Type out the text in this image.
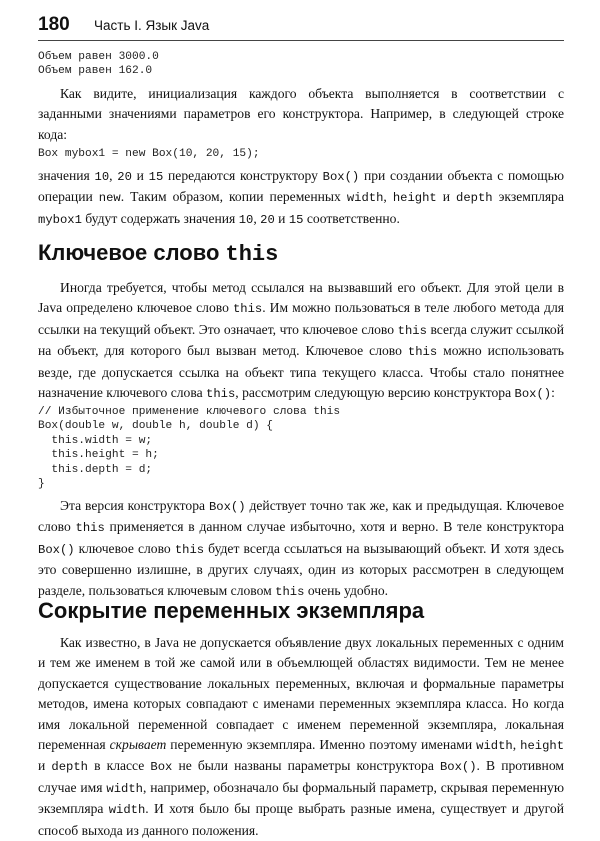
180 Часть I. Язык Java
Объем равен 3000.0
Объем равен 162.0

Как видите, инициализация каждого объекта выполняется в соответствии с заданными значениями параметров его конструктора. Например, в следующей строке кода:

Box mybox1 = new Box(10, 20, 15);

значения 10, 20 и 15 передаются конструктору Box() при создании объекта с помощью операции new. Таким образом, копии переменных width, height и depth экземпляра mybox1 будут содержать значения 10, 20 и 15 соответственно.

Ключевое слово this

Иногда требуется, чтобы метод ссылался на вызвавший его объект. Для этой цели в Java определено ключевое слово this. Им можно пользоваться в теле любого метода для ссылки на текущий объект. Это означает, что ключевое слово this всегда служит ссылкой на объект, для которого был вызван метод. Ключевое слово this можно использовать везде, где допускается ссылка на объект типа текущего класса. Чтобы стало понятнее назначение ключевого слова this, рассмотрим следующую версию конструктора Box():

// Избыточное применение ключевого слова this
Box(double w, double h, double d) {
this.width = w;
this.height = h;
this.depth = d;
}

Эта версия конструктора Box() действует точно так же, как и предыдущая. Ключевое слово this применяется в данном случае избыточно, хотя и верно. В теле конструктора Box() ключевое слово this будет всегда ссылаться на вызывающий объект. И хотя здесь это совершенно излишне, в других случаях, один из которых рассмотрен в следующем разделе, пользоваться ключевым словом this очень удобно.

Сокрытие переменных экземпляра

Как известно, в Java не допускается объявление двух локальных переменных с одним и тем же именем в той же самой или в объемлющей областях видимости. Тем не менее допускается существование локальных переменных, включая и формальные параметры методов, имена которых совпадают с именами переменных экземпляра класса. Но когда имя локальной переменной совпадает с именем переменной экземпляра, локальная переменная скрывает переменную экземпляра. Именно поэтому именами width, height и depth в классе Box не были названы параметры конструктора Box(). В противном случае имя width, например, обозначало бы формальный параметр, скрывая переменную экземпляра width. И хотя было бы проще выбрать разные имена, существует и другой способ выхода из данного положения.
